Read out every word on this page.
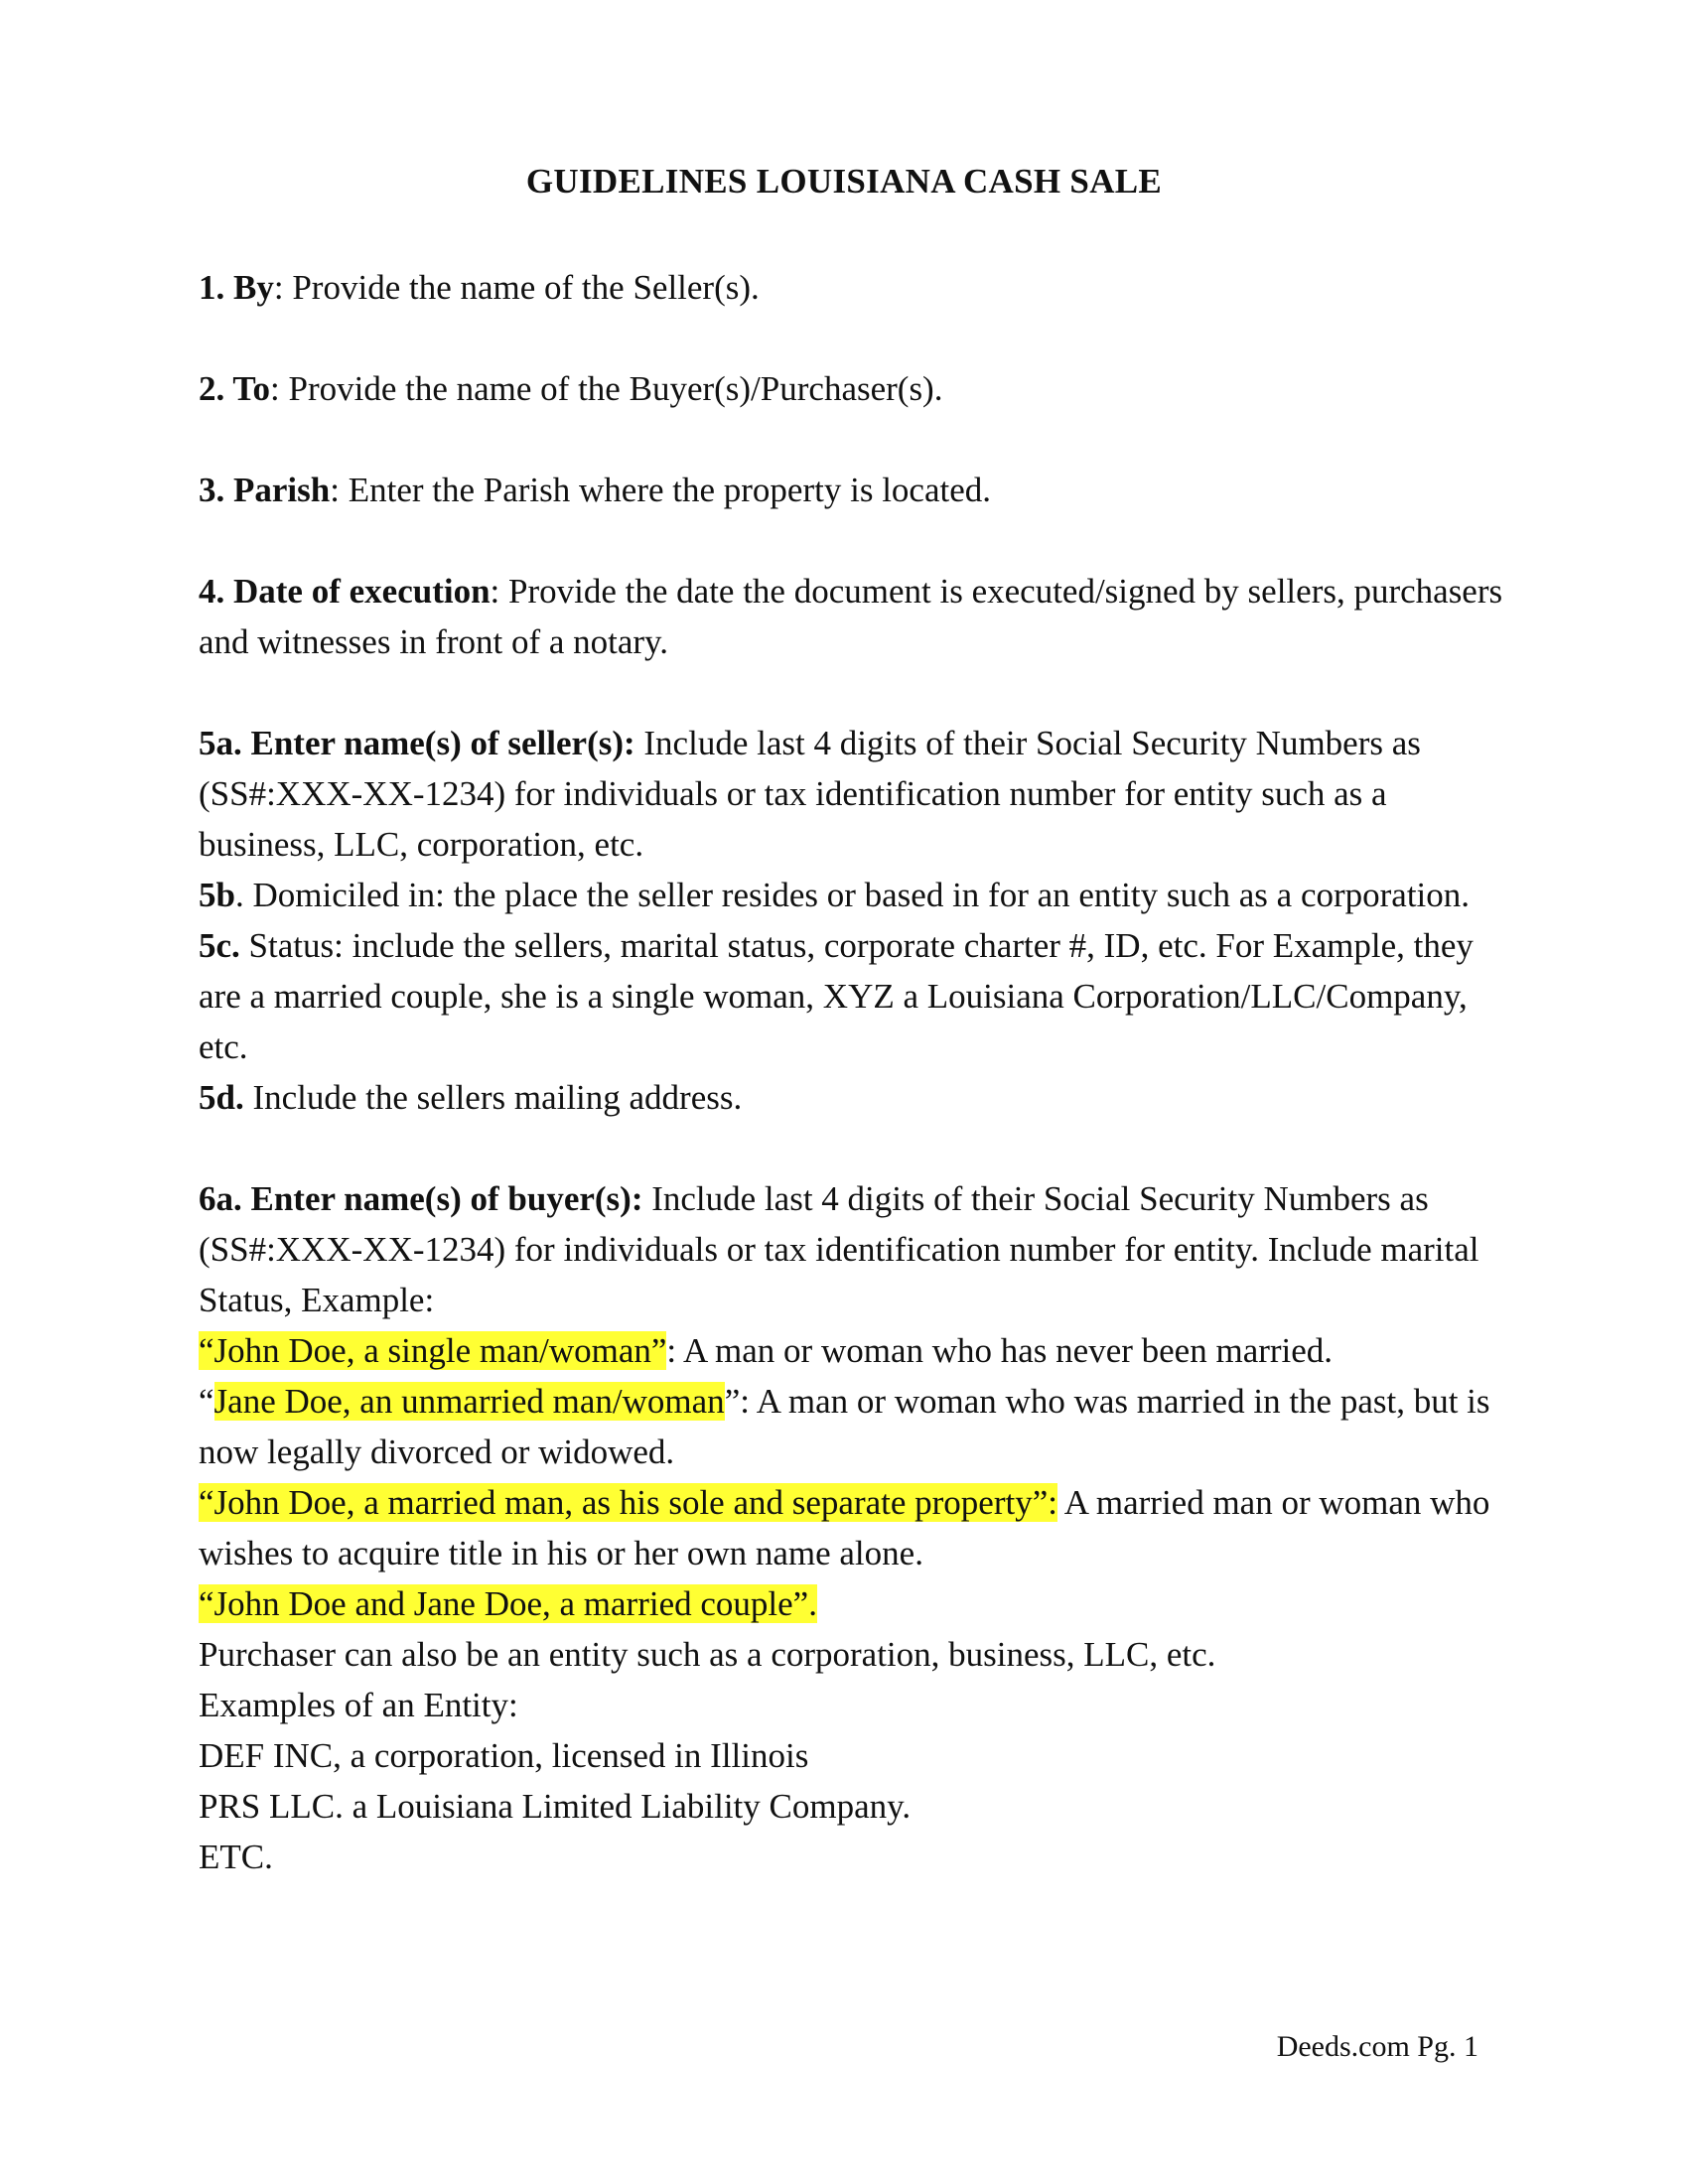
GUIDELINES LOUISIANA CASH SALE

1. By: Provide the name of the Seller(s).

2. To: Provide the name of the Buyer(s)/Purchaser(s).

3. Parish: Enter the Parish where the property is located.

4. Date of execution: Provide the date the document is executed/signed by sellers, purchasers and witnesses in front of a notary.

5a. Enter name(s) of seller(s): Include last 4 digits of their Social Security Numbers as (SS#:XXX-XX-1234) for individuals or tax identification number for entity such as a business, LLC, corporation, etc.

5b. Domiciled in: the place the seller resides or based in for an entity such as a corporation.

5c. Status: include the sellers, marital status, corporate charter #, ID, etc. For Example, they are a married couple, she is a single woman, XYZ a Louisiana Corporation/LLC/Company, etc.

5d. Include the sellers mailing address.

6a. Enter name(s) of buyer(s): Include last 4 digits of their Social Security Numbers as (SS#:XXX-XX-1234) for individuals or tax identification number for entity. Include marital Status, Example:

“John Doe, a single man/woman”: A man or woman who has never been married.

“Jane Doe, an unmarried man/woman”: A man or woman who was married in the past, but is now legally divorced or widowed.

“John Doe, a married man, as his sole and separate property”: A married man or woman who wishes to acquire title in his or her own name alone.

“John Doe and Jane Doe, a married couple”.

Purchaser can also be an entity such as a corporation, business, LLC, etc.

Examples of an Entity:

DEF INC, a corporation, licensed in Illinois

PRS LLC. a Louisiana Limited Liability Company.

ETC.

Deeds.com Pg. 1
